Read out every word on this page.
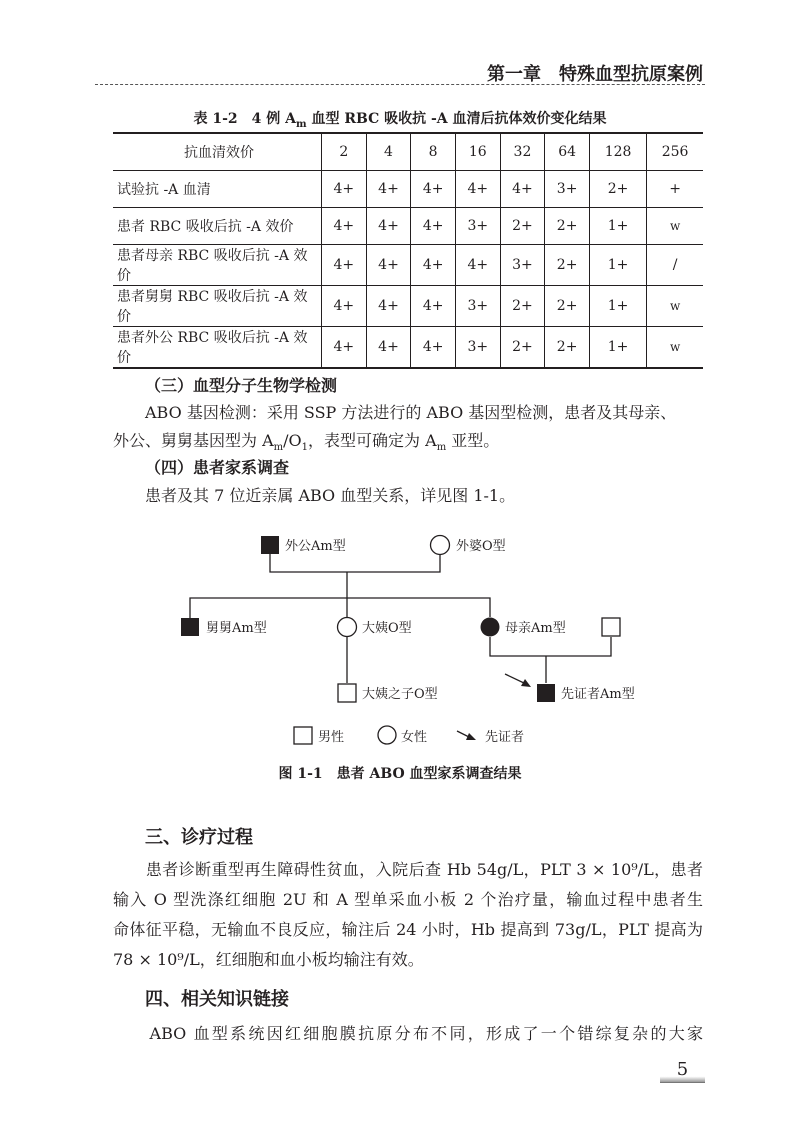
第一章　特殊血型抗原案例
表 1-2　4 例 $A_m$ 血型 RBC 吸收抗 -A 血清后抗体效价变化结果
抗血清效价	2	4	8	16	32	64	128	256
试验抗 -A 血清	4+	4+	4+	4+	4+	3+	2+	+
患者 RBC 吸收后抗 -A 效价	4+	4+	4+	3+	2+	2+	1+	w
患者母亲 RBC 吸收后抗 -A 效价	4+	4+	4+	4+	3+	2+	1+	/
患者舅舅 RBC 吸收后抗 -A 效价	4+	4+	4+	3+	2+	2+	1+	w
患者外公 RBC 吸收后抗 -A 效价	4+	4+	4+	3+	2+	2+	1+	w
（三）血型分子生物学检测
ABO 基因检测：采用 SSP 方法进行的 ABO 基因型检测，患者及其母亲、
外公、舅舅基因型为 $A_m/O_1$，表型可确定为 $A_m$ 亚型。
（四）患者家系调查
患者及其 7 位近亲属 ABO 血型关系，详见图 1-1。
外公Am型	外婆O型
舅舅Am型	大姨O型	母亲Am型
大姨之子O型	先证者Am型
男性	女性	先证者
图 1-1　患者 ABO 血型家系调查结果
三、诊疗过程
　　患者诊断重型再生障碍性贫血，入院后查 Hb 54g/L，PLT 3 × 10⁹/L，患者
输入 O 型洗涤红细胞 2U 和 A 型单采血小板 2 个治疗量，输血过程中患者生
命体征平稳，无输血不良反应，输注后 24 小时，Hb 提高到 73g/L，PLT 提高为
78 × 10⁹/L，红细胞和血小板均输注有效。
四、相关知识链接
　　ABO 血型系统因红细胞膜抗原分布不同，形成了一个错综复杂的大家
5
